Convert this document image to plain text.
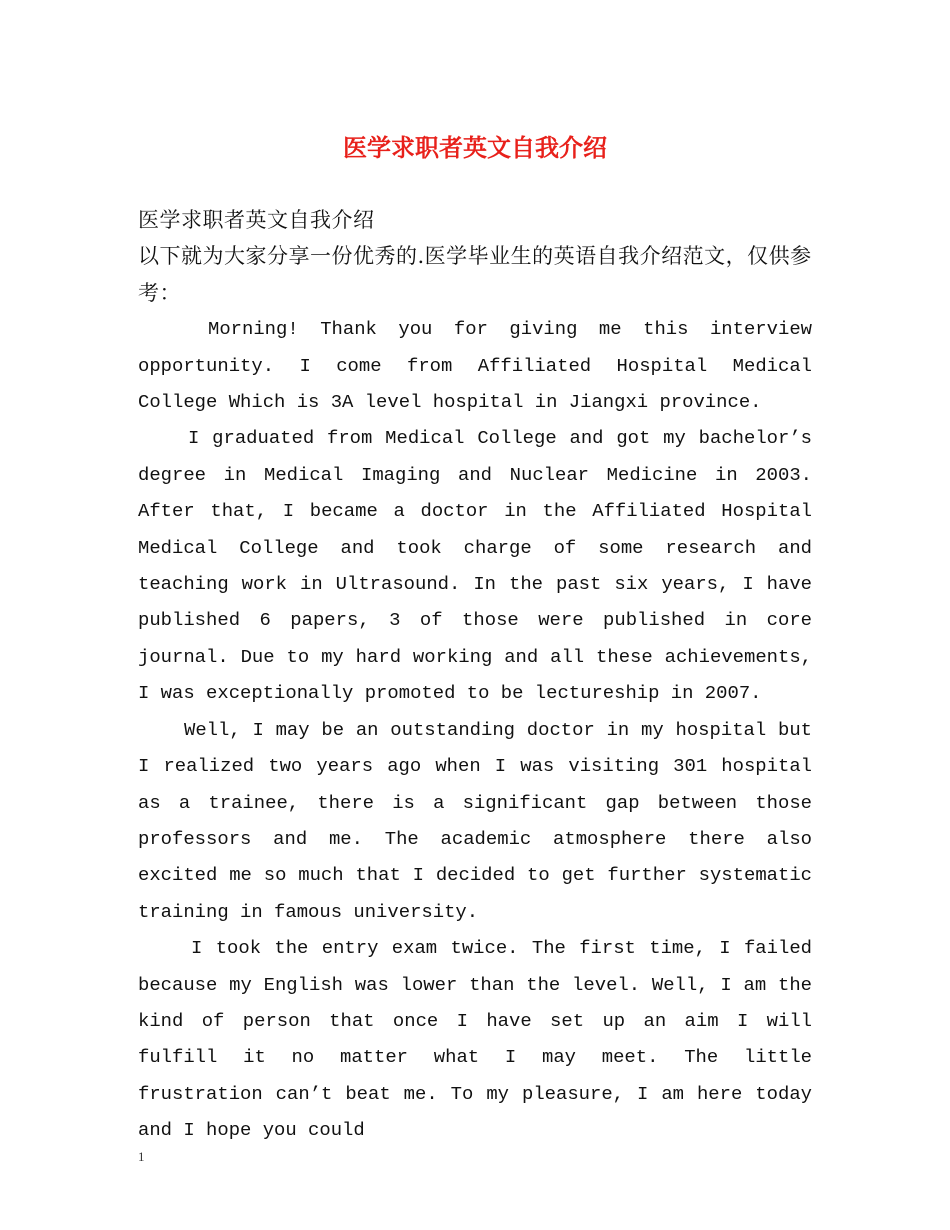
医学求职者英文自我介绍

医学求职者英文自我介绍

以下就为大家分享一份优秀的.医学毕业生的英语自我介绍范文，仅供参考：

Morning! Thank you for giving me this interview opportunity. I come from Affiliated Hospital Medical College Which is 3A level hospital in Jiangxi province.

I graduated from Medical College and got my bachelor’s degree in Medical Imaging and Nuclear Medicine in 2003. After that, I became a doctor in the Affiliated Hospital Medical College and took charge of some research and teaching work in Ultrasound. In the past six years, I have published 6 papers, 3 of those were published in core journal. Due to my hard working and all these achievements, I was exceptionally promoted to be lectureship in 2007.

Well, I may be an outstanding doctor in my hospital but I realized two years ago when I was visiting 301 hospital as a trainee, there is a significant gap between those professors and me. The academic atmosphere there also excited me so much that I decided to get further systematic training in famous university.

I took the entry exam twice. The first time, I failed because my English was lower than the level. Well, I am the kind of person that once I have set up an aim I will fulfill it no matter what I may meet. The little frustration can’t beat me. To my pleasure, I am here today and I hope you could

1
